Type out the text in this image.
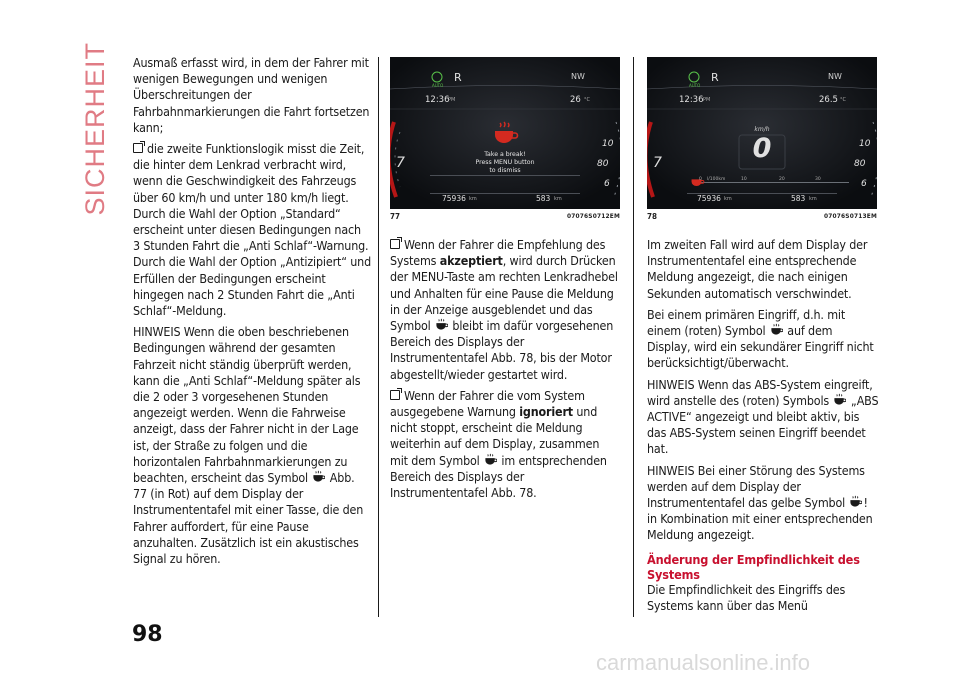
SICHERHEIT Ausmaß erfasst wird, in dem der Fahrer mit wenigen Bewegungen und wenigen Überschreitungen der Fahrbahnmarkierungen die Fahrt fortsetzen kann;

die zweite Funktionslogik misst die Zeit, die hinter dem Lenkrad verbracht wird, wenn die Geschwindigkeit des Fahrzeugs über 60 km/h und unter 180 km/h liegt. Durch die Wahl der Option „Standard“ erscheint unter diesen Bedingungen nach 3 Stunden Fahrt die „Anti Schlaf“-Warnung. Durch die Wahl der Option „Antizipiert“ und Erfüllen der Bedingungen erscheint hingegen nach 2 Stunden Fahrt die „Anti Schlaf“-Meldung.

HINWEIS Wenn die oben beschriebenen Bedingungen während der gesamten Fahrzeit nicht ständig überprüft werden, kann die „Anti Schlaf“-Meldung später als die 2 oder 3 vorgesehenen Stunden angezeigt werden. Wenn die Fahrweise anzeigt, dass der Fahrer nicht in der Lage ist, der Straße zu folgen und die horizontalen Fahrbahnmarkierungen zu beachten, erscheint das Symbol Abb. 77 (in Rot) auf dem Display der Instrumententafel mit einer Tasse, die den Fahrer auffordert, für eine Pause anzuhalten. Zusätzlich ist ein akustisches Signal zu hören.

AUTO
R	NW
12:36
PM	26 °C
Take a break!
Press MENU button
to dismiss
7
10
80
6
75936 km	583 km
77	07076S0712EM
AUTO
R	NW
12:36 PM	26.5 °C
km/h
0
0 l/100km	10	20	30
7
10
80
6
75936 km	583 km
78	07076S0713EM

Wenn der Fahrer die Empfehlung des Systems akzeptiert, wird durch Drücken der MENU-Taste am rechten Lenkradhebel und Anhalten für eine Pause die Meldung in der Anzeige ausgeblendet und das Symbol bleibt im dafür vorgesehenen Bereich des Displays der Instrumententafel Abb. 78, bis der Motor abgestellt/wieder gestartet wird.

Wenn der Fahrer die vom System ausgegebene Warnung ignoriert und nicht stoppt, erscheint die Meldung weiterhin auf dem Display, zusammen mit dem Symbol im entsprechenden Bereich des Displays der Instrumententafel Abb. 78.

Im zweiten Fall wird auf dem Display der Instrumententafel eine entsprechende Meldung angezeigt, die nach einigen Sekunden automatisch verschwindet.

Bei einem primären Eingriff, d.h. mit einem (roten) Symbol auf dem Display, wird ein sekundärer Eingriff nicht berücksichtigt/überwacht.

HINWEIS Wenn das ABS-System eingreift, wird anstelle des (roten) Symbols „ABS ACTIVE“ angezeigt und bleibt aktiv, bis das ABS-System seinen Eingriff beendet hat.

HINWEIS Bei einer Störung des Systems werden auf dem Display der Instrumententafel das gelbe Symbol ! in Kombination mit einer entsprechenden Meldung angezeigt.

Änderung der Empfindlichkeit des Systems

Die Empfindlichkeit des Eingriffs des Systems kann über das Menü

98
carmanualsonline.info
